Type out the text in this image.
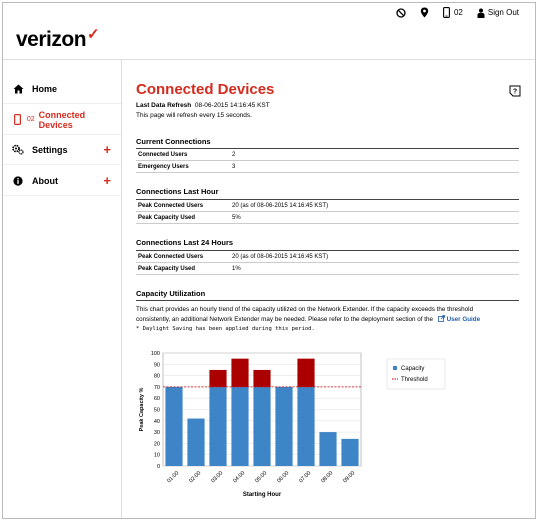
verizon✓
02	Sign Out
Home
02 Connected Devices
Settings	+
About	+
Connected Devices	?
Last Data Refresh 08-06-2015 14:16:45 KST
This page will refresh every 15 seconds.
Current Connections
Connected Users	2
Emergency Users	3
Connections Last Hour
Peak Connected Users	20 (as of 08-06-2015 14:16:45 KST)
Peak Capacity Used	5%
Connections Last 24 Hours
Peak Connected Users	20 (as of 08-06-2015 14:16:45 KST)
Peak Capacity Used	1%
Capacity Utilization
This chart provides an hourly trend of the capacity utilized on the Network Extender. If the capacity exceeds the threshold
consistently, an additional Network Extender may be needed. Please refer to the deployment section of the User Guide
* Daylight Saving has been applied during this period.
0
10
20
30
40
50
60
70
80
90
100
01:00 02:00 03:00 04:00 05:00 06:00 07:00 08:00 09:00
Starting Hour
Peak Capacity %
Capacity
Threshold
